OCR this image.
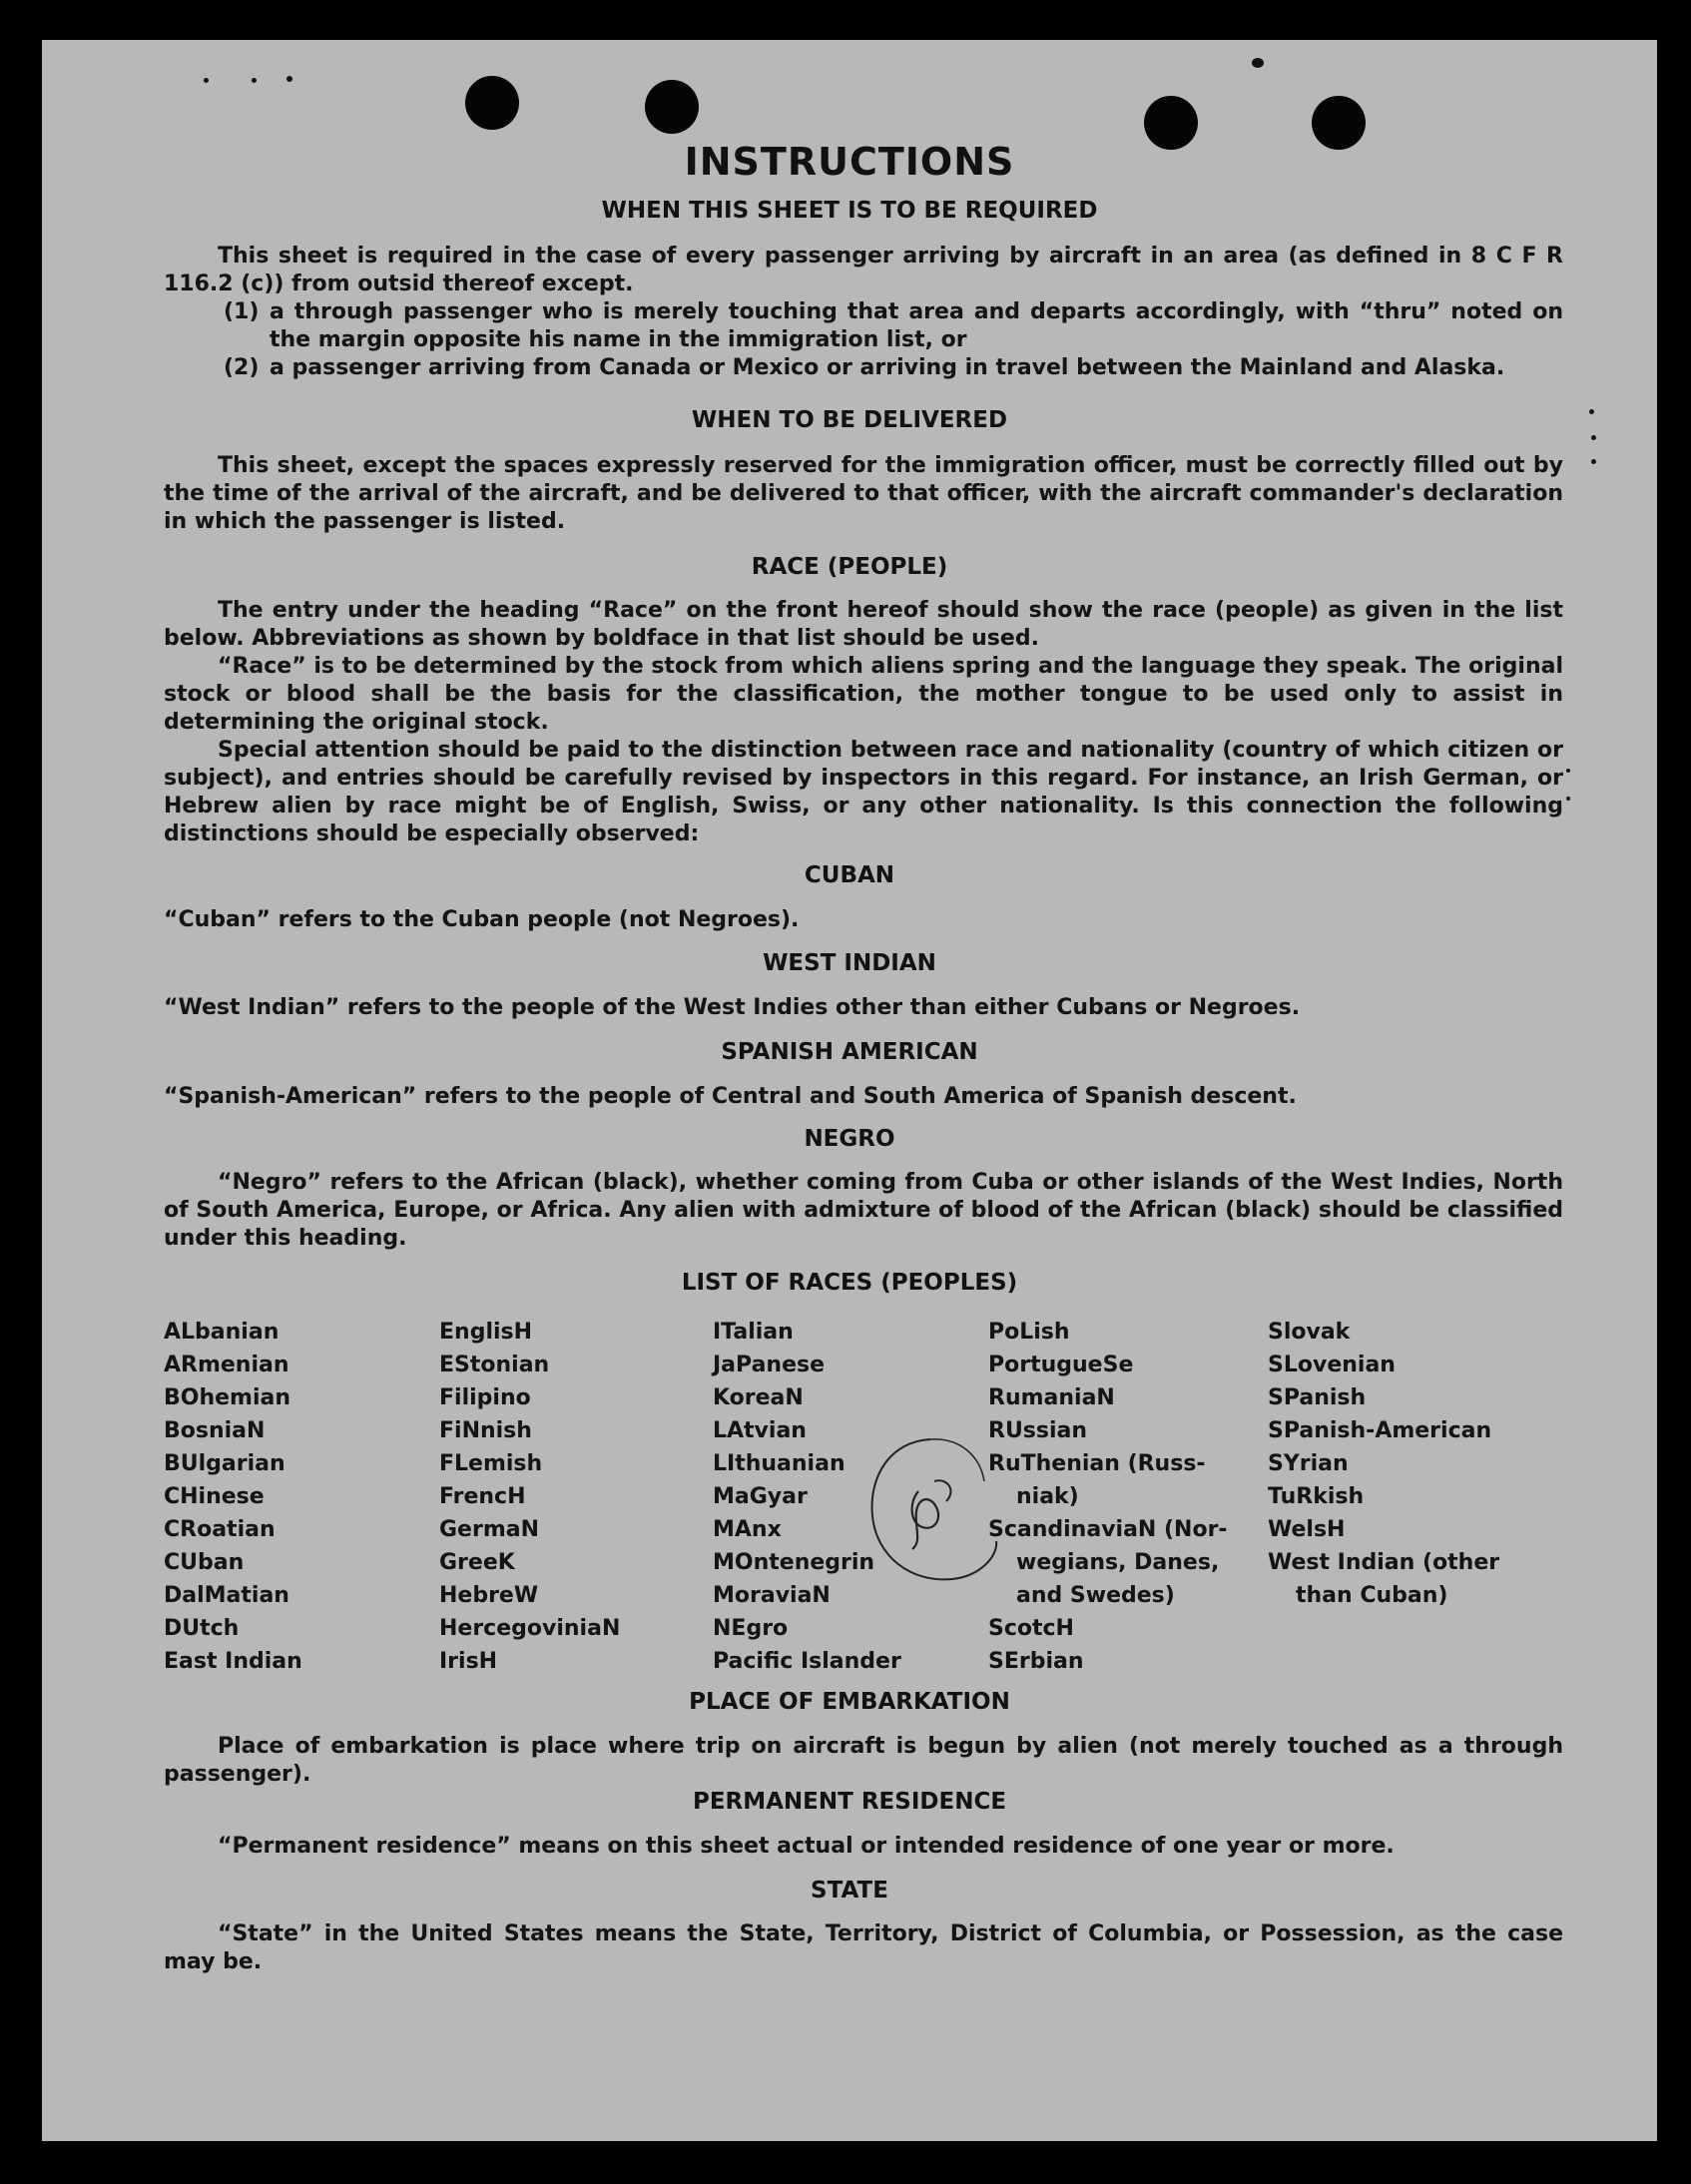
INSTRUCTIONS
WHEN THIS SHEET IS TO BE REQUIRED

This sheet is required in the case of every passenger arriving by aircraft in an area (as defined in 8 C F R 116.2 (c)) from outsid thereof except.

(1) a through passenger who is merely touching that area and departs accordingly, with “thru” noted on the margin opposite his name in the immigration list, or
(2) a passenger arriving from Canada or Mexico or arriving in travel between the Mainland and Alaska.
WHEN TO BE DELIVERED

This sheet, except the spaces expressly reserved for the immigration officer, must be correctly filled out by the time of the arrival of the aircraft, and be delivered to that officer, with the aircraft commander's declaration in which the passenger is listed.

RACE (PEOPLE)

The entry under the heading “Race” on the front hereof should show the race (people) as given in the list below. Abbreviations as shown by boldface in that list should be used.

“Race” is to be determined by the stock from which aliens spring and the language they speak. The original stock or blood shall be the basis for the classification, the mother tongue to be used only to assist in determining the original stock.

Special attention should be paid to the distinction between race and nationality (country of which citizen or subject), and entries should be carefully revised by inspectors in this regard. For instance, an Irish German, or Hebrew alien by race might be of English, Swiss, or any other nationality. Is this connection the following distinctions should be especially observed:

CUBAN

“Cuban” refers to the Cuban people (not Negroes).

WEST INDIAN

“West Indian” refers to the people of the West Indies other than either Cubans or Negroes.

SPANISH AMERICAN

“Spanish-American” refers to the people of Central and South America of Spanish descent.

NEGRO

“Negro” refers to the African (black), whether coming from Cuba or other islands of the West Indies, North of South America, Europe, or Africa. Any alien with admixture of blood of the African (black) should be classified under this heading.

LIST OF RACES (PEOPLES)
ALbanian
ARmenian
BOhemian
BosniaN
BUlgarian
CHinese
CRoatian
CUban
DalMatian
DUtch
East Indian
EnglisH
EStonian
Filipino
FiNnish
FLemish
FrencH
GermaN
GreeK
HebreW
HercegoviniaN
IrisH
ITalian
JaPanese
KoreaN
LAtvian
LIthuanian
MaGyar
MAnx
MOntenegrin
MoraviaN
NEgro
Pacific Islander
PoLish
PortugueSe
RumaniaN
RUssian
RuThenian (Russ-
niak)
ScandinaviaN (Nor-
wegians, Danes,
and Swedes)
ScotcH
SErbian
Slovak
SLovenian
SPanish
SPanish-American
SYrian
TuRkish
WelsH
West Indian (other
than Cuban)
PLACE OF EMBARKATION

Place of embarkation is place where trip on aircraft is begun by alien (not merely touched as a through passenger).

PERMANENT RESIDENCE

“Permanent residence” means on this sheet actual or intended residence of one year or more.

STATE

“State” in the United States means the State, Territory, District of Columbia, or Possession, as the case may be.
